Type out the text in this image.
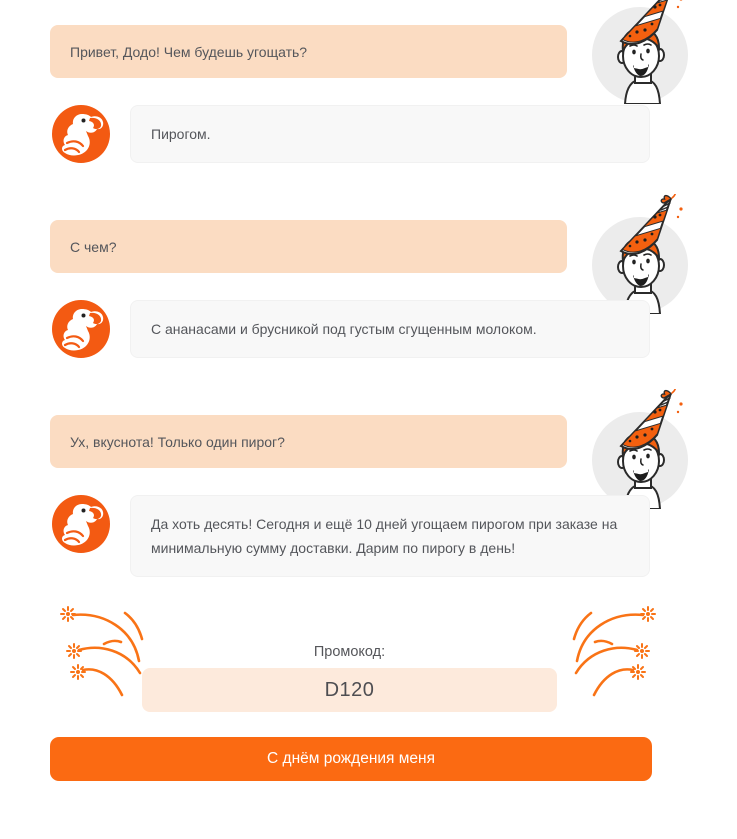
Привет, Додо! Чем будешь угощать?
Пирогом.
С чем?
С ананасами и брусникой под густым сгущенным молоком.
Ух, вкуснота! Только один пирог?
Да хоть десять! Сегодня и ещё 10 дней угощаем пирогом при заказе на минимальную сумму доставки. Дарим по пирогу в день!
Промокод:
D120
С днём рождения меня
